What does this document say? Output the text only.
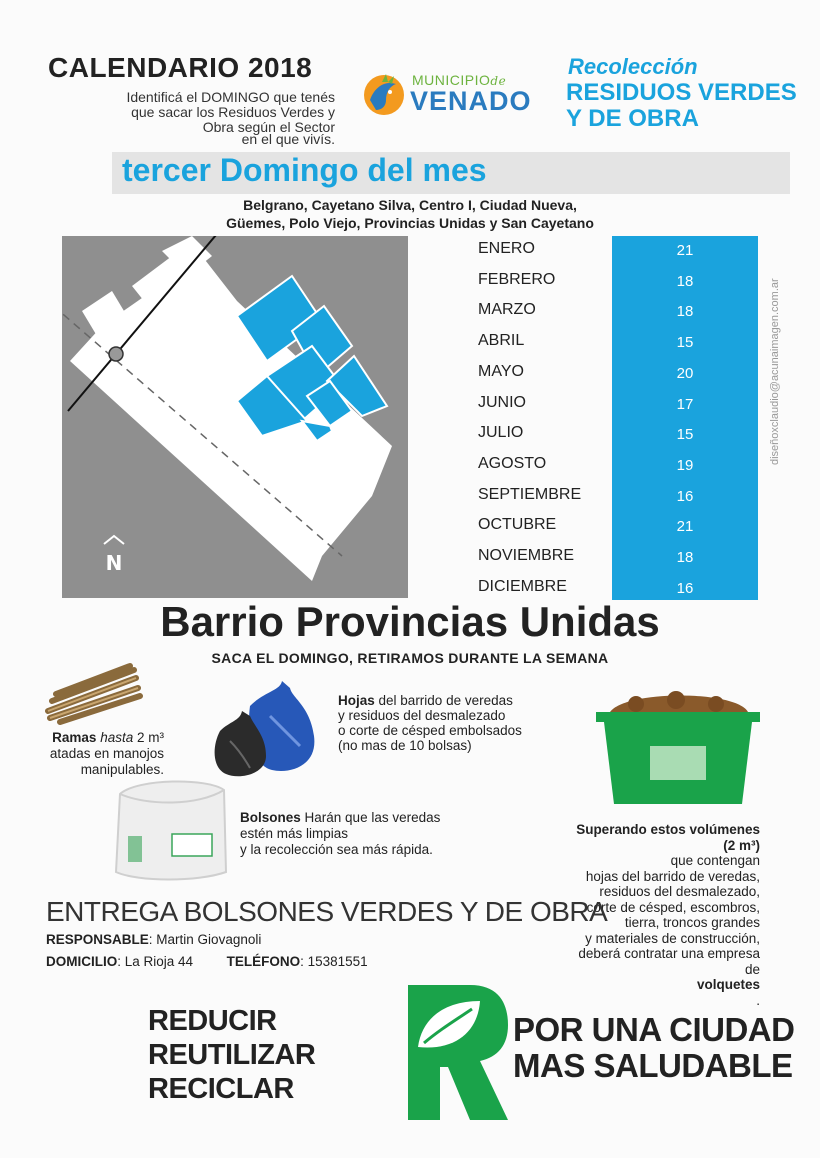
CALENDARIO 2018
Identificá el DOMINGO que tenés
que sacar los Residuos Verdes y
Obra según el Sector
en el que vivís.
MUNICIPIOde
VENADO
Recolección
RESIDUOS VERDES
Y DE OBRA
tercer Domingo del mes
Belgrano, Cayetano Silva, Centro I, Ciudad Nueva,
Güemes, Polo Viejo, Provincias Unidas y San Cayetano
N
ENERO
FEBRERO
MARZO
ABRIL
MAYO
JUNIO
JULIO
AGOSTO
SEPTIEMBRE
OCTUBRE
NOVIEMBRE
DICIEMBRE
21
18
18
15
20
17
15
19
16
21
18
16
diseñoxclaudio@acunaimagen.com.ar
Barrio Provincias Unidas
SACA EL DOMINGO, RETIRAMOS DURANTE LA SEMANA
Ramas hasta 2 m³
atadas en manojos
manipulables.
Hojas del barrido de veredas
y residuos del desmalezado
o corte de césped embolsados
(no mas de 10 bolsas)
Bolsones Harán que las veredas
estén más limpias
y la recolección sea más rápida.
Superando estos volúmenes
(2 m³)
que contengan
hojas del barrido de veredas,
residuos del desmalezado,
corte de césped, escombros,
tierra, troncos grandes
y materiales de construcción,
deberá contratar una empresa
de
volquetes
.
ENTREGA BOLSONES VERDES Y DE OBRA
RESPONSABLE: Martin Giovagnoli
DOMICILIO: La Rioja 44 TELÉFONO: 15381551
REDUCIR
REUTILIZAR
RECICLAR
POR UNA CIUDAD
MAS SALUDABLE
